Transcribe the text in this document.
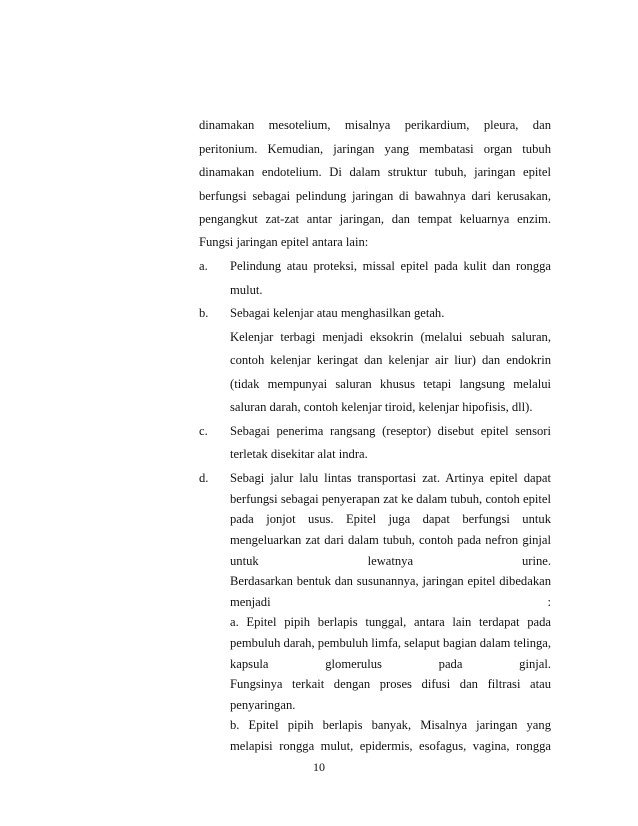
dinamakan mesotelium, misalnya perikardium, pleura, dan
peritonium. Kemudian, jaringan yang membatasi organ tubuh
dinamakan endotelium. Di dalam struktur tubuh, jaringan epitel
berfungsi sebagai pelindung jaringan di bawahnya dari kerusakan,
pengangkut zat-zat antar jaringan, dan tempat keluarnya enzim.
Fungsi jaringan epitel antara lain:
a. Pelindung atau proteksi, missal epitel pada kulit dan rongga
mulut.
b. Sebagai kelenjar atau menghasilkan getah.
Kelenjar terbagi menjadi eksokrin (melalui sebuah saluran,
contoh kelenjar keringat dan kelenjar air liur) dan endokrin
(tidak mempunyai saluran khusus tetapi langsung melalui
saluran darah, contoh kelenjar tiroid, kelenjar hipofisis, dll).
c. Sebagai penerima rangsang (reseptor) disebut epitel sensori
terletak disekitar alat indra.
d. Sebagi jalur lalu lintas transportasi zat. Artinya epitel dapat
berfungsi sebagai penyerapan zat ke dalam tubuh, contoh epitel
pada jonjot usus. Epitel juga dapat berfungsi untuk
mengeluarkan zat dari dalam tubuh, contoh pada nefron ginjal
untuk lewatnya urine.
Berdasarkan bentuk dan susunannya, jaringan epitel dibedakan
menjadi :
a. Epitel pipih berlapis tunggal, antara lain terdapat pada
pembuluh darah, pembuluh limfa, selaput bagian dalam telinga,
kapsula glomerulus pada ginjal.
Fungsinya terkait dengan proses difusi dan filtrasi atau
penyaringan.
b. Epitel pipih berlapis banyak, Misalnya jaringan yang
melapisi rongga mulut, epidermis, esofagus, vagina, rongga
10
